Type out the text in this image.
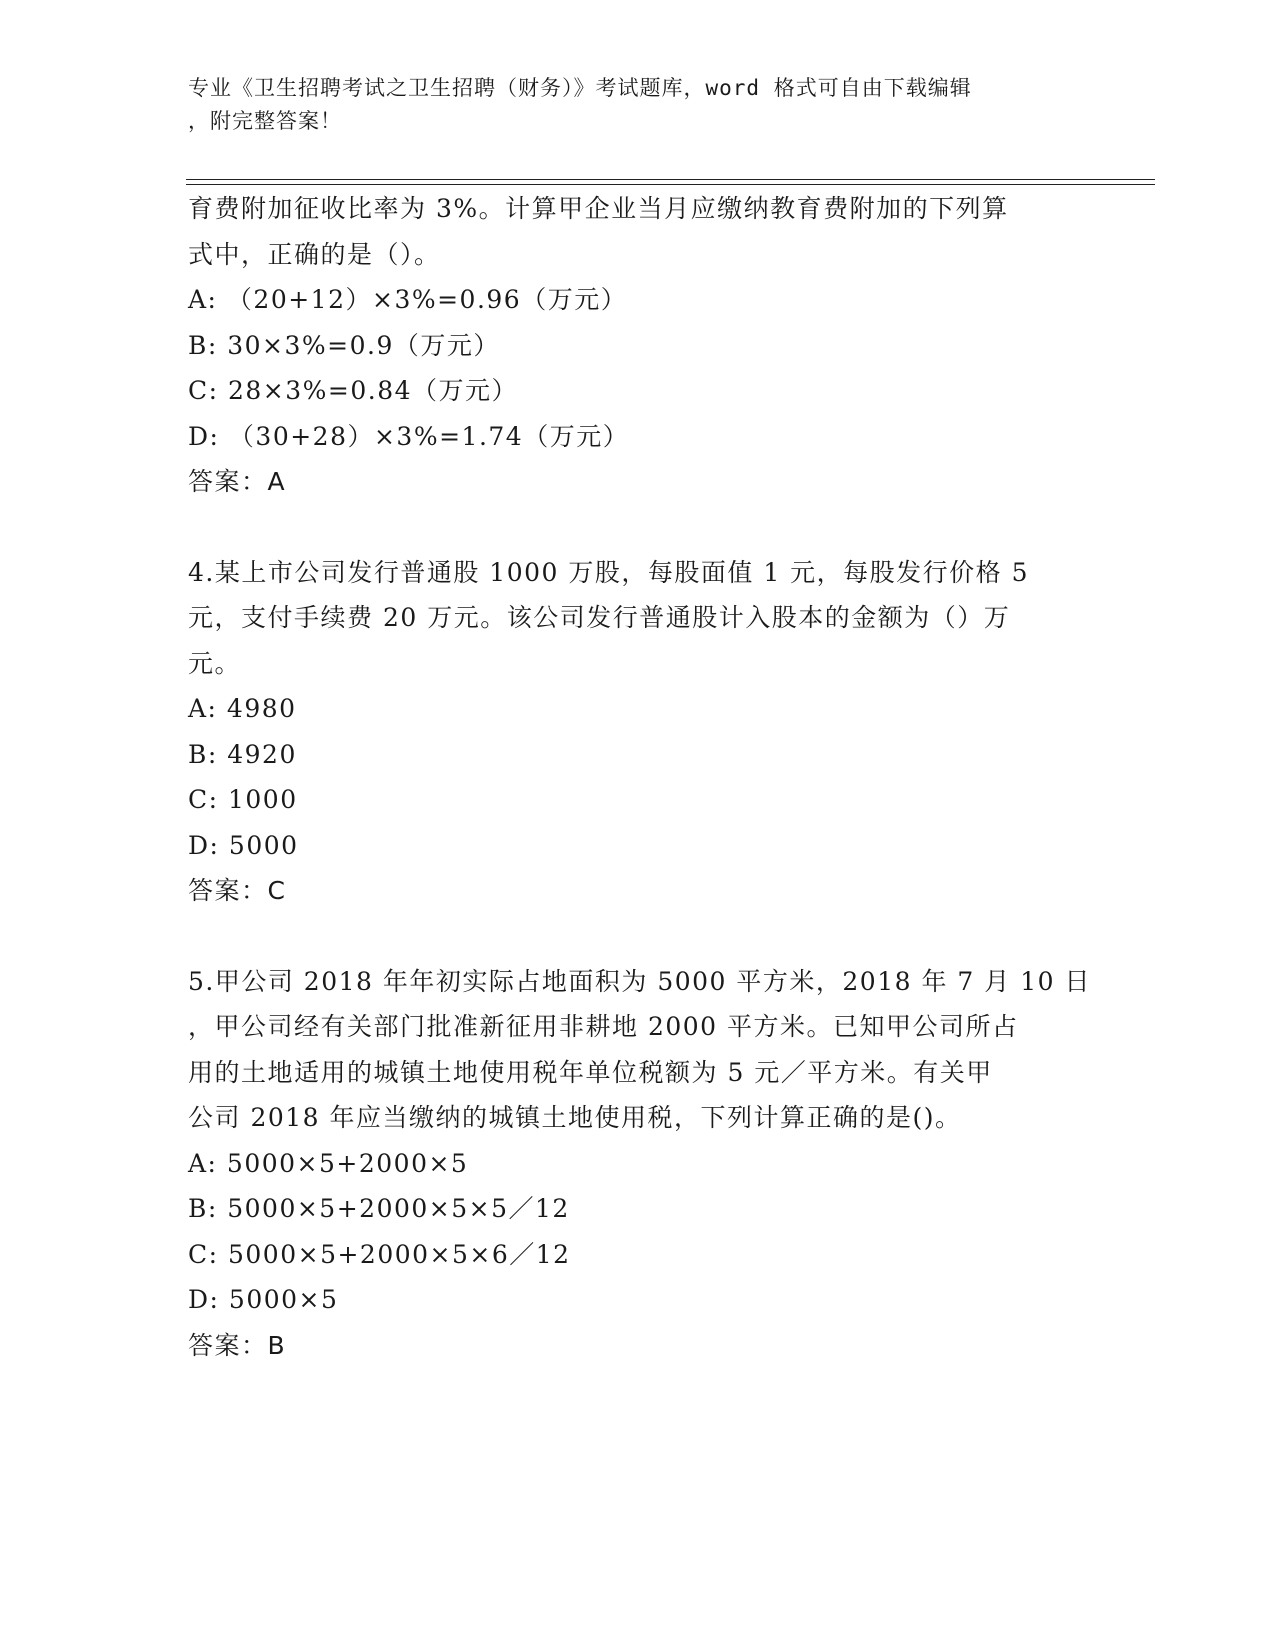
专业《卫生招聘考试之卫生招聘（财务）》考试题库，word 格式可自由下载编辑
，附完整答案！
育费附加征收比率为 3%。计算甲企业当月应缴纳教育费附加的下列算
式中，正确的是（）。
A: （20+12）×3%=0.96（万元）
B: 30×3%=0.9（万元）
C: 28×3%=0.84（万元）
D: （30+28）×3%=1.74（万元）
答案：A
4.某上市公司发行普通股 1000 万股，每股面值 1 元，每股发行价格 5
元，支付手续费 20 万元。该公司发行普通股计入股本的金额为（）万
元。
A: 4980
B: 4920
C: 1000
D: 5000
答案：C
5.甲公司 2018 年年初实际占地面积为 5000 平方米，2018 年 7 月 10 日
，甲公司经有关部门批准新征用非耕地 2000 平方米。已知甲公司所占
用的土地适用的城镇土地使用税年单位税额为 5 元／平方米。有关甲
公司 2018 年应当缴纳的城镇土地使用税，下列计算正确的是()。
A: 5000×5+2000×5
B: 5000×5+2000×5×5／12
C: 5000×5+2000×5×6／12
D: 5000×5
答案：B
